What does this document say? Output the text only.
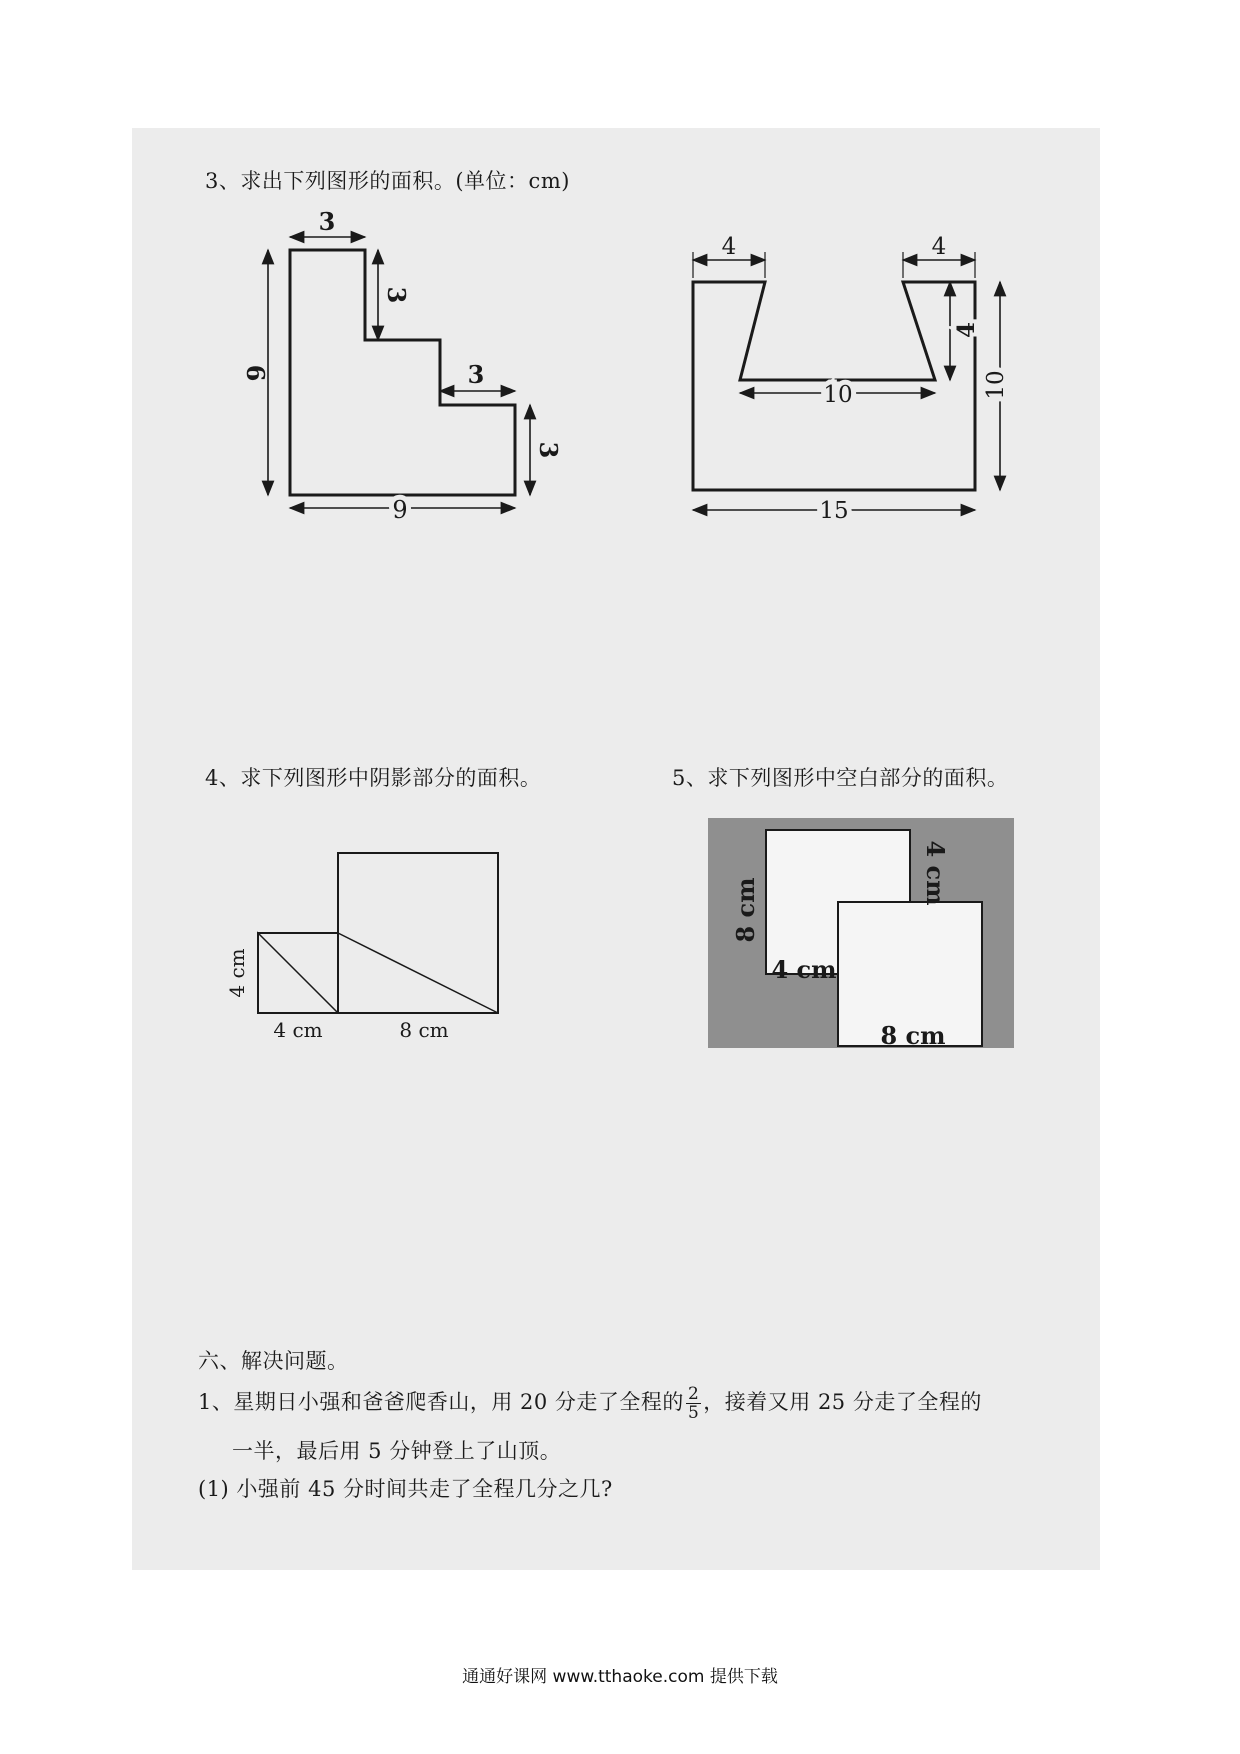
3、求出下列图形的面积。(单位：cm)
3
9
3
3
3
9
4	4
4
10	10
15
4、求下列图形中阴影部分的面积。	5、求下列图形中空白部分的面积。
4 cm
4 cm	8 cm
4 cm
8 cm
4 cm
8 cm
六、解决问题。
1、星期日小强和爸爸爬香山，用 20 分走了全程的 $\frac{2}{5}$ ，接着又用 25 分走了全程的
一半，最后用 5 分钟登上了山顶。
(1) 小强前 45 分时间共走了全程几分之几?
通通好课网 www.tthaoke.com 提供下载
